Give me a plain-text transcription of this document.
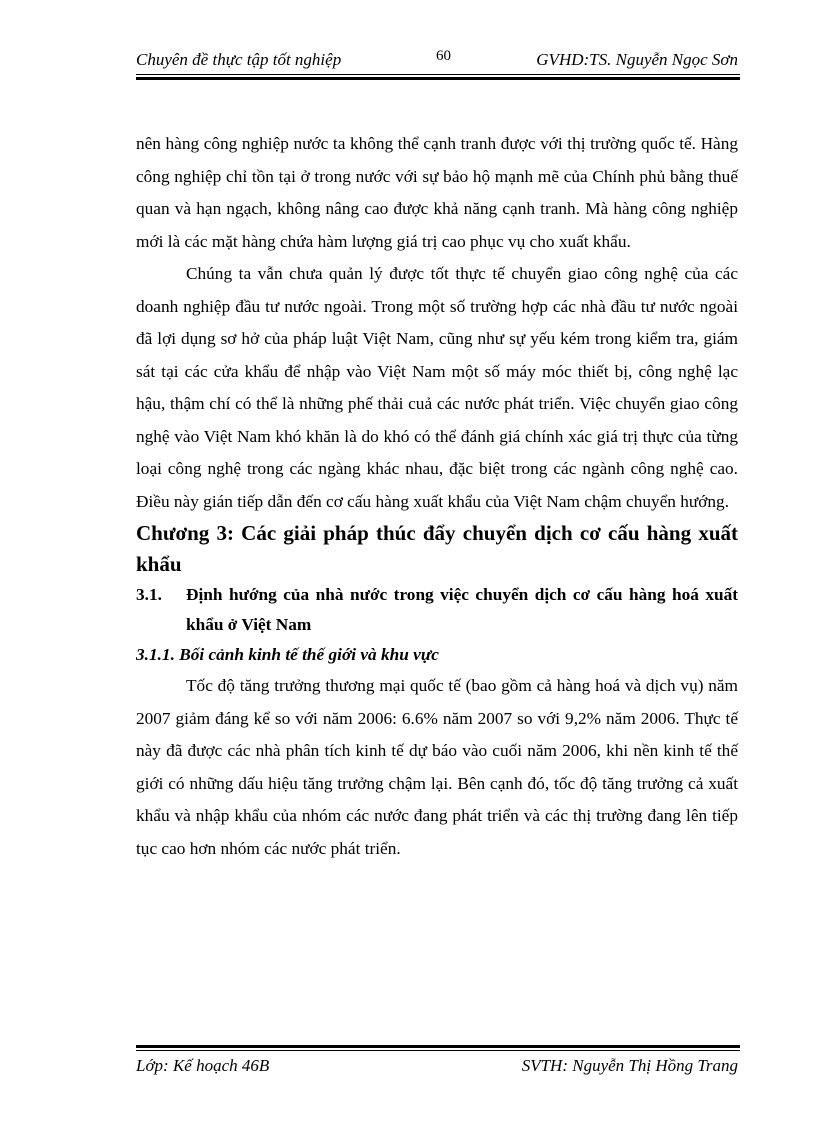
Chuyên đề thực tập tốt nghiệp	60	GVHD:TS. Nguyễn Ngọc Sơn

nên hàng công nghiệp nước ta không thể cạnh tranh được với thị trường quốc tế. Hàng công nghiệp chỉ tồn tại ở trong nước với sự bảo hộ mạnh mẽ của Chính phủ bằng thuế quan và hạn ngạch, không nâng cao được khả năng cạnh tranh. Mà hàng công nghiệp mới là các mặt hàng chứa hàm lượng giá trị cao phục vụ cho xuất khẩu.

Chúng ta vẫn chưa quản lý được tốt thực tế chuyển giao công nghệ của các doanh nghiệp đầu tư nước ngoài. Trong một số trường hợp các nhà đầu tư nước ngoài đã lợi dụng sơ hở của pháp luật Việt Nam, cũng như sự yếu kém trong kiểm tra, giám sát tại các cửa khẩu để nhập vào Việt Nam một số máy móc thiết bị, công nghệ lạc hậu, thậm chí có thể là những phế thải cuả các nước phát triển. Việc chuyển giao công nghệ vào Việt Nam khó khăn là do khó có thể đánh giá chính xác giá trị thực của từng loại công nghệ trong các ngàng khác nhau, đặc biệt trong các ngành công nghệ cao. Điều này gián tiếp dẫn đến cơ cấu hàng xuất khẩu của Việt Nam chậm chuyển hướng.

Chương 3: Các giải pháp thúc đẩy chuyển dịch cơ cấu hàng xuất khẩu

3.1. Định hướng của nhà nước trong việc chuyển dịch cơ cấu hàng hoá xuất khẩu ở Việt Nam

3.1.1. Bối cảnh kinh tế thế giới và khu vực

Tốc độ tăng trưởng thương mại quốc tế (bao gồm cả hàng hoá và dịch vụ) năm 2007 giảm đáng kể so với năm 2006: 6.6% năm 2007 so với 9,2% năm 2006. Thực tế này đã được các nhà phân tích kinh tế dự báo vào cuối năm 2006, khi nền kinh tế thế giới có những dấu hiệu tăng trưởng chậm lại. Bên cạnh đó, tốc độ tăng trưởng cả xuất khẩu và nhập khẩu của nhóm các nước đang phát triển và các thị trường đang lên tiếp tục cao hơn nhóm các nước phát triển.

Lớp: Kế hoạch 46B	SVTH: Nguyễn Thị Hồng Trang
